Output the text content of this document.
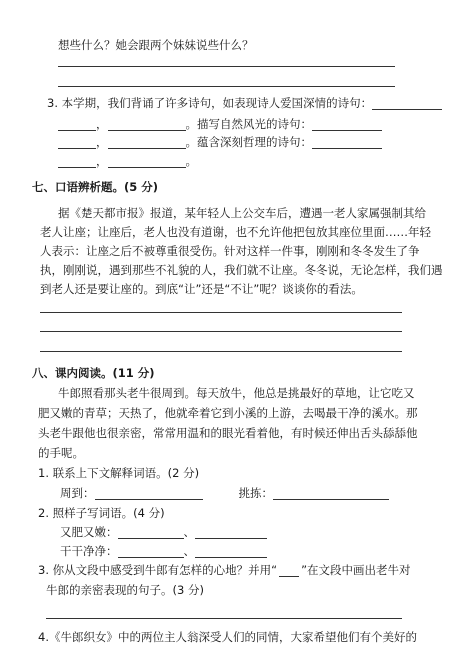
想些什么？她会跟两个妹妹说些什么？
3. 本学期，我们背诵了许多诗句，如表现诗人爱国深情的诗句：
，	。描写自然风光的诗句：
，	。蕴含深刻哲理的诗句：
，	。
七、口语辨析题。(5 分)
据《楚天都市报》报道，某年轻人上公交车后，遭遇一老人家属强制其给
老人让座；让座后，老人也没有道谢，也不允许他把包放其座位里面……年轻
人表示：让座之后不被尊重很受伤。针对这样一件事，刚刚和冬冬发生了争
执，刚刚说，遇到那些不礼貌的人，我们就不让座。冬冬说，无论怎样，我们遇
到老人还是要让座的。到底“让”还是“不让”呢？谈谈你的看法。
八、课内阅读。(11 分)
牛郎照看那头老牛很周到。每天放牛，他总是挑最好的草地，让它吃又
肥又嫩的青草；天热了，他就牵着它到小溪的上游，去喝最干净的溪水。那
头老牛跟他也很亲密，常常用温和的眼光看着他，有时候还伸出舌头舔舔他
的手呢。
1. 联系上下文解释词语。(2 分)
周到：	挑拣：
2. 照样子写词语。(4 分)
又肥又嫩：	、
干干净净：	、
3. 你从文段中感受到牛郎有怎样的心地？并用“ ”在文段中画出老牛对
牛郎的亲密表现的句子。(3 分)
4.《牛郎织女》中的两位主人翁深受人们的同情，大家希望他们有个美好的
